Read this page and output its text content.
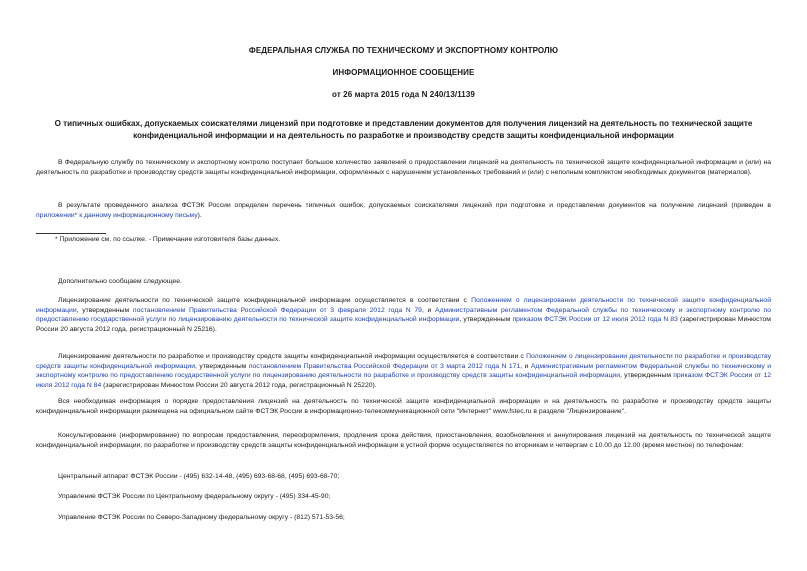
ФЕДЕРАЛЬНАЯ СЛУЖБА ПО ТЕХНИЧЕСКОМУ И ЭКСПОРТНОМУ КОНТРОЛЮ
ИНФОРМАЦИОННОЕ СООБЩЕНИЕ
от 26 марта 2015 года N 240/13/1139
О типичных ошибках, допускаемых соискателями лицензий при подготовке и представлении документов для получения лицензий на деятельность по технической защите конфиденциальной информации и на деятельность по разработке и производству средств защиты конфиденциальной информации
В Федеральную службу по техническому и экспортному контролю поступает большое количество заявлений о предоставлении лицензий на деятельность по технической защите конфиденциальной информации и (или) на деятельность по разработке и производству средств защиты конфиденциальной информации, оформленных с нарушением установленных требований и (или) с неполным комплектом необходимых документов (материалов).
В результате проведенного анализа ФСТЭК России определен перечень типичных ошибок, допускаемых соискателями лицензий при подготовке и представлении документов на получение лицензий (приведен в приложении* к данному информационному письму).
* Приложение см. по ссылке. - Примечание изготовителя базы данных.
Дополнительно сообщаем следующее.
Лицензирование деятельности по технической защите конфиденциальной информации осуществляется в соответствии с Положением о лицензировании деятельности по технической защите конфиденциальной информации, утвержденным постановлением Правительства Российской Федерации от 3 февраля 2012 года N 79, и Административным регламентом Федеральной службы по техническому и экспортному контролю по предоставлению государственной услуги по лицензированию деятельности по технической защите конфиденциальной информации, утвержденным приказом ФСТЭК России от 12 июля 2012 года N 83 (зарегистрирован Минюстом России 20 августа 2012 года, регистрационный N 25216).
Лицензирование деятельности по разработке и производству средств защиты конфиденциальной информации осуществляется в соответствии с Положением о лицензировании деятельности по разработке и производству средств защиты конфиденциальной информации, утвержденным постановлением Правительства Российской Федерации от 3 марта 2012 года N 171, и Административным регламентом Федеральной службы по техническому и экспортному контролю по предоставлению государственной услуги по лицензированию деятельности по разработке и производству средств защиты конфиденциальной информации, утвержденным приказом ФСТЭК России от 12 июля 2012 года N 84 (зарегистрирован Минюстом России 20 августа 2012 года, регистрационный N 25220).
Вся необходимая информация о порядке предоставления лицензий на деятельность по технической защите конфиденциальной информации и на деятельность по разработке и производству средств защиты конфиденциальной информации размещена на официальном сайте ФСТЭК России в информационно-телекоммуникационной сети "Интернет" www.fstec.ru в разделе "Лицензирование".
Консультирование (информирование) по вопросам предоставления, переоформления, продления срока действия, приостановления, возобновления и аннулирования лицензий на деятельность по технической защите конфиденциальной информации, по разработке и производству средств защиты конфиденциальной информации в устной форме осуществляется по вторникам и четвергам с 10.00 до 12.00 (время местное) по телефонам:
Центральный аппарат ФСТЭК России - (495) 632-14-48, (495) 693-68-68, (495) 693-68-70;
Управление ФСТЭК России по Центральному федеральному округу - (495) 334-45-90;
Управление ФСТЭК России по Северо-Западному федеральному округу - (812) 571-53-56;
